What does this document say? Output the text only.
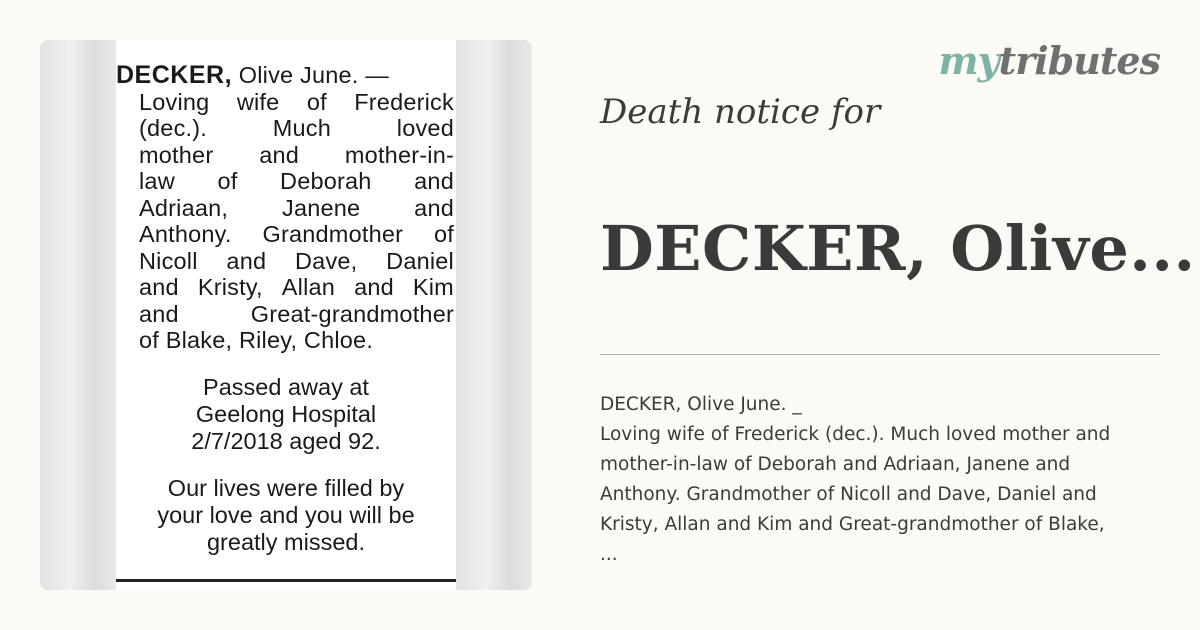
DECKER, Olive June. —
Loving wife of Frederick
(dec.).	Much	loved
mother and mother-in-
law of Deborah and
Adriaan, Janene and
Anthony. Grandmother of
Nicoll and Dave, Daniel
and Kristy, Allan and Kim
and	Great-grandmother
of Blake, Riley, Chloe.
Passed away at
Geelong Hospital
2/7/2018 aged 92.
Our lives were filled by
your love and you will be
greatly missed.
mytributes
Death notice for
DECKER, Olive...
DECKER, Olive June. _
Loving wife of Frederick (dec.). Much loved mother and
mother-in-law of Deborah and Adriaan, Janene and
Anthony. Grandmother of Nicoll and Dave, Daniel and
Kristy, Allan and Kim and Great-grandmother of Blake,
...
